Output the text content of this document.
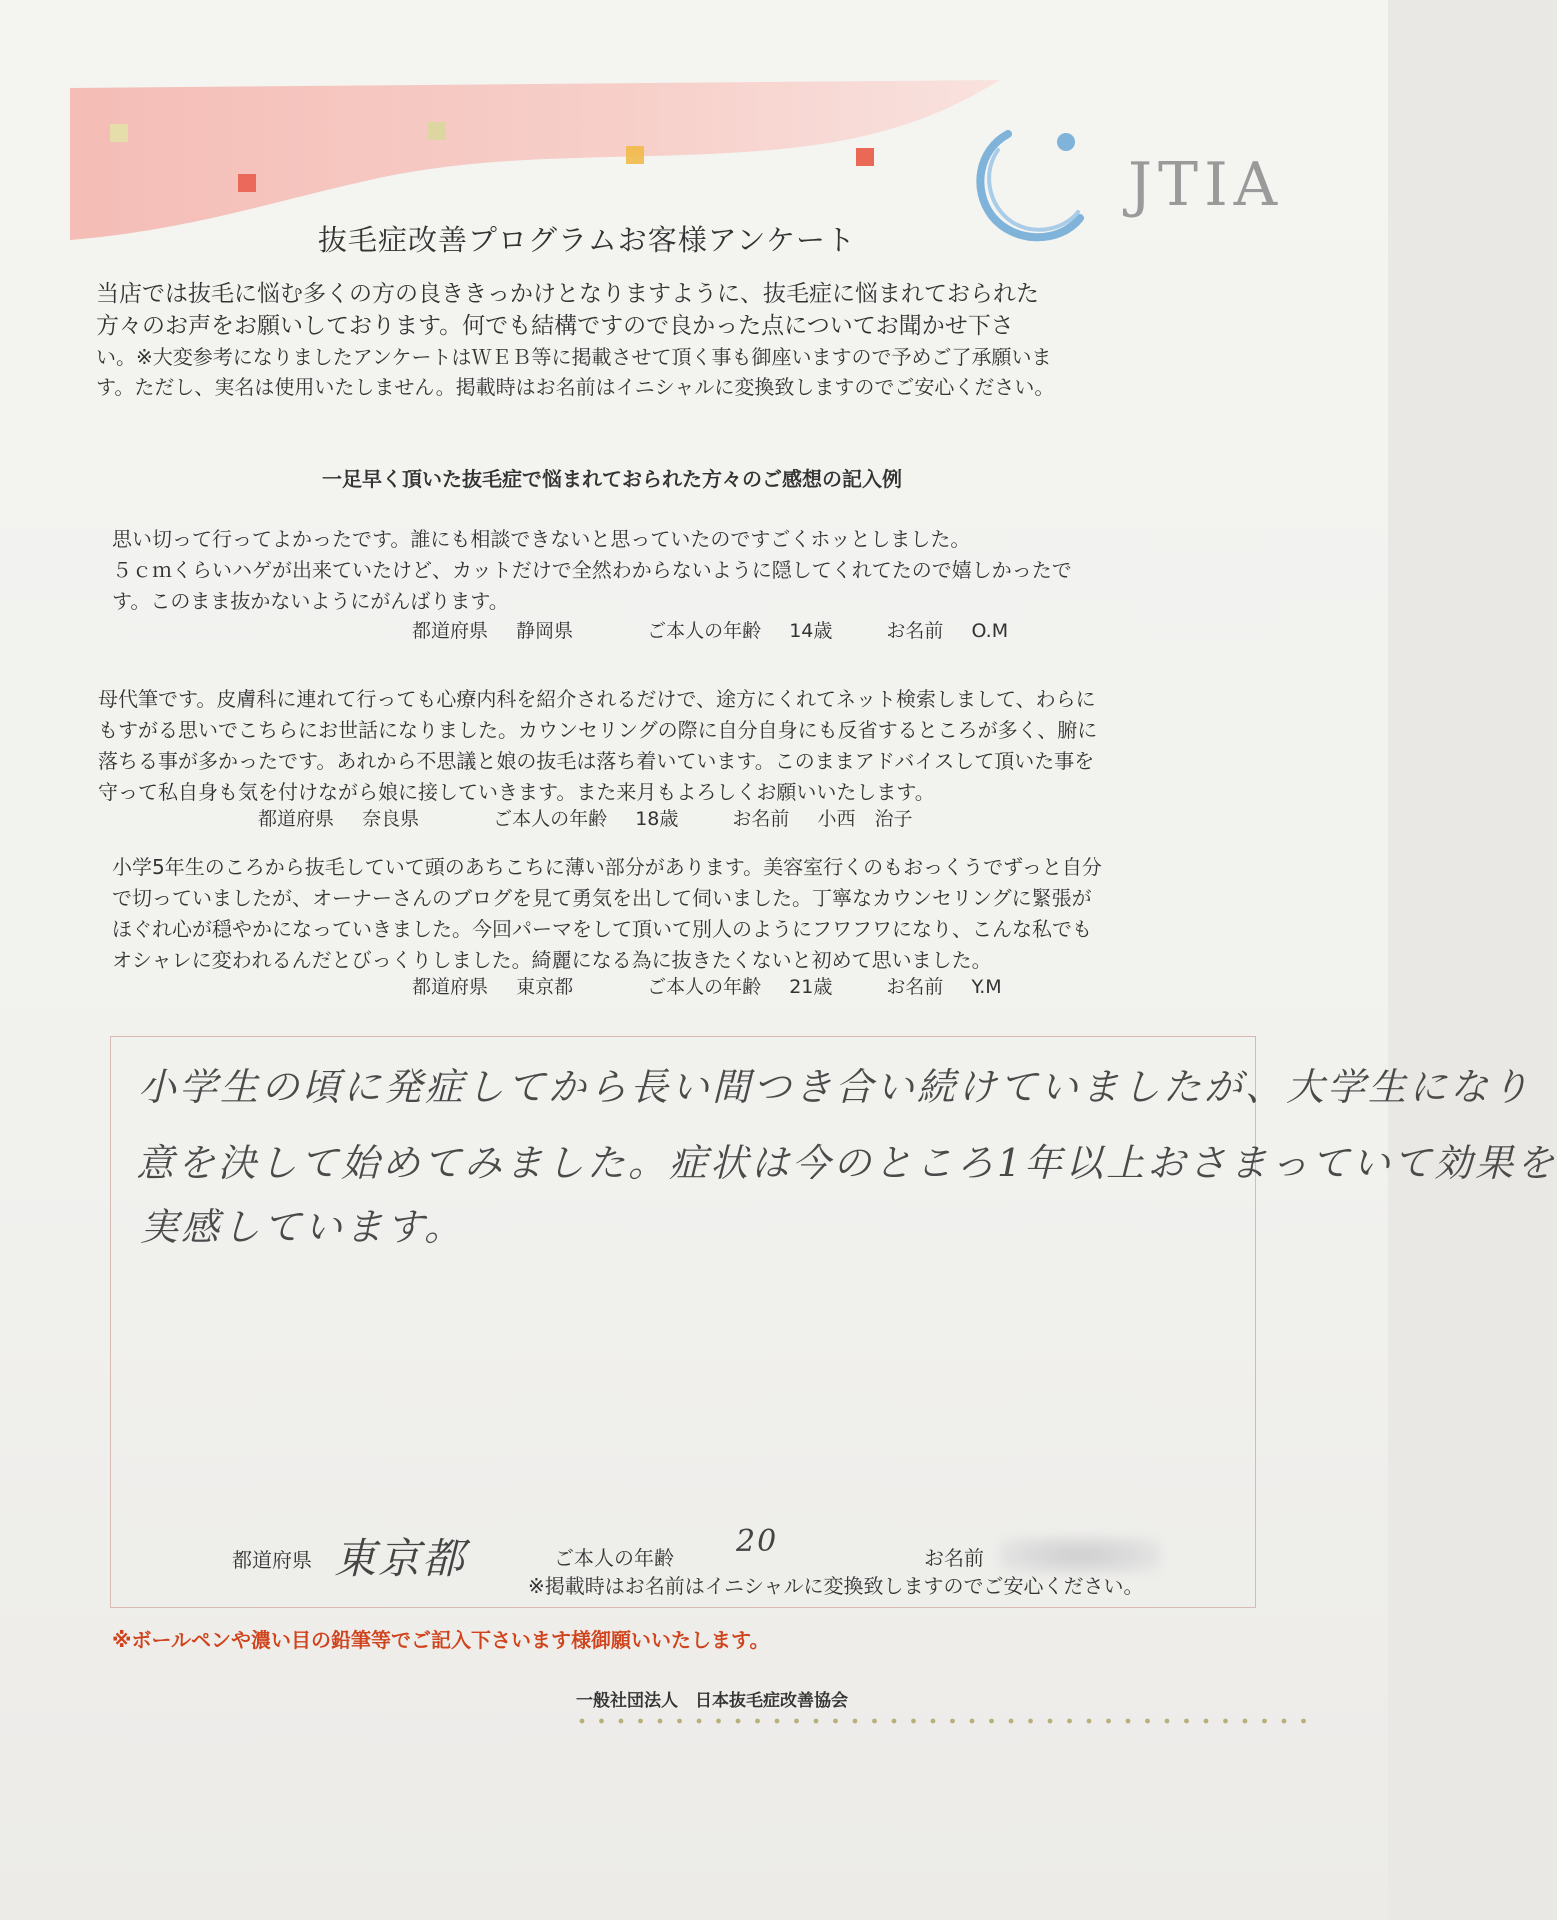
JTIA
抜毛症改善プログラムお客様アンケート
当店では抜毛に悩む多くの方の良ききっかけとなりますように、抜毛症に悩まれておられた
方々のお声をお願いしております。何でも結構ですので良かった点についてお聞かせ下さ
い。※大変参考になりましたアンケートはＷＥＢ等に掲載させて頂く事も御座いますので予めご了承願いま
す。ただし、実名は使用いたしません。掲載時はお名前はイニシャルに変換致しますのでご安心ください。
一足早く頂いた抜毛症で悩まれておられた方々のご感想の記入例
思い切って行ってよかったです。誰にも相談できないと思っていたのですごくホッとしました。
５ｃｍくらいハゲが出来ていたけど、カットだけで全然わからないように隠してくれてたので嬉しかったで
す。このまま抜かないようにがんばります。
都道府県 静岡県	ご本人の年齢 14歳	お名前 O.M
母代筆です。皮膚科に連れて行っても心療内科を紹介されるだけで、途方にくれてネット検索しまして、わらに
もすがる思いでこちらにお世話になりました。カウンセリングの際に自分自身にも反省するところが多く、腑に
落ちる事が多かったです。あれから不思議と娘の抜毛は落ち着いています。このままアドバイスして頂いた事を
守って私自身も気を付けながら娘に接していきます。また来月もよろしくお願いいたします。
都道府県 奈良県	ご本人の年齢 18歳	お名前 小西　治子
小学5年生のころから抜毛していて頭のあちこちに薄い部分があります。美容室行くのもおっくうでずっと自分
で切っていましたが、オーナーさんのブログを見て勇気を出して伺いました。丁寧なカウンセリングに緊張が
ほぐれ心が穏やかになっていきました。今回パーマをして頂いて別人のようにフワフワになり、こんな私でも
オシャレに変われるんだとびっくりしました。綺麗になる為に抜きたくないと初めて思いました。
都道府県 東京都	ご本人の年齢 21歳	お名前 Y.M
小学生の頃に発症してから長い間つき合い続けていましたが、大学生になり
意を決して始めてみました。症状は今のところ1年以上おさまっていて効果を
実感しています。
都道府県 東京都	ご本人の年齢 20	お名前
※掲載時はお名前はイニシャルに変換致しますのでご安心ください。
※ボールペンや濃い目の鉛筆等でご記入下さいます様御願いいたします。
一般社団法人　日本抜毛症改善協会
